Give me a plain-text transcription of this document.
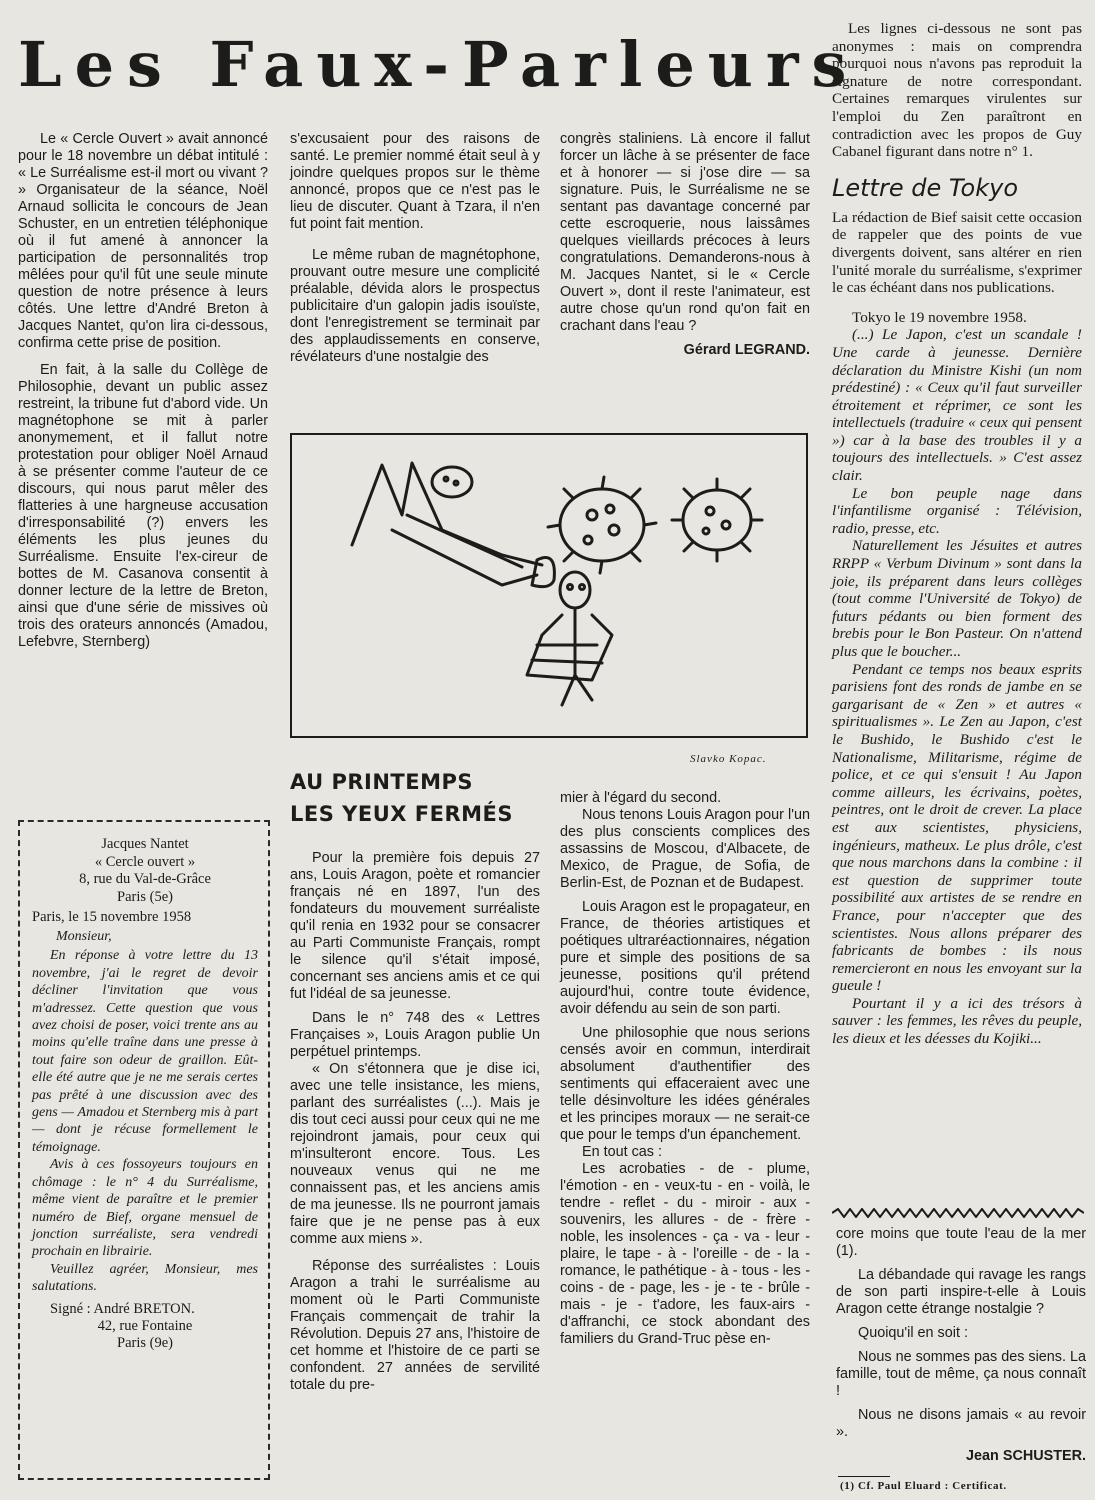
Les Faux-Parleurs

Le « Cercle Ouvert » avait annoncé pour le 18 novembre un débat intitulé : « Le Surréalisme est-il mort ou vivant ? » Organisateur de la séance, Noël Arnaud sollicita le concours de Jean Schuster, en un entretien téléphonique où il fut amené à annoncer la participation de personnalités trop mêlées pour qu'il fût une seule minute question de notre présence à leurs côtés. Une lettre d'André Breton à Jacques Nantet, qu'on lira ci-dessous, confirma cette prise de position.

En fait, à la salle du Collège de Philosophie, devant un public assez restreint, la tribune fut d'abord vide. Un magnétophone se mit à parler anonymement, et il fallut notre protestation pour obliger Noël Arnaud à se présenter comme l'auteur de ce discours, qui nous parut mêler des flatteries à une hargneuse accusation d'irresponsabilité (?) envers les éléments les plus jeunes du Surréalisme. Ensuite l'ex-cireur de bottes de M. Casanova consentit à donner lecture de la lettre de Breton, ainsi que d'une série de missives où trois des orateurs annoncés (Amadou, Lefebvre, Sternberg)

s'excusaient pour des raisons de santé. Le premier nommé était seul à y joindre quelques propos sur le thème annoncé, propos que ce n'est pas le lieu de discuter. Quant à Tzara, il n'en fut point fait mention.

Le même ruban de magnétophone, prouvant outre mesure une complicité préalable, dévida alors le prospectus publicitaire d'un galopin jadis isouïste, dont l'enregistrement se terminait par des applaudissements en conserve, révélateurs d'une nostalgie des

congrès staliniens. Là encore il fallut forcer un lâche à se présenter de face et à honorer — si j'ose dire — sa signature. Puis, le Surréalisme ne se sentant pas davantage concerné par cette escroquerie, nous laissâmes quelques vieillards précoces à leurs congratulations. Demanderons-nous à M. Jacques Nantet, si le « Cercle Ouvert », dont il reste l'animateur, est autre chose qu'un rond qu'on fait en crachant dans l'eau ?

Gérard LEGRAND.
Slavko Kopac.
Les lignes ci-dessous ne sont pas anonymes : mais on comprendra pourquoi nous n'avons pas reproduit la signature de notre correspondant. Certaines remarques virulentes sur l'emploi du Zen paraîtront en contradiction avec les propos de Guy Cabanel figurant dans notre n° 1.
Lettre de Tokyo
La rédaction de Bief saisit cette occasion de rappeler que des points de vue divergents doivent, sans altérer en rien l'unité morale du surréalisme, s'exprimer le cas échéant dans nos publications.
Tokyo le 19 novembre 1958.
(...) Le Japon, c'est un scandale ! Une carde à jeunesse. Dernière déclaration du Ministre Kishi (un nom prédestiné) : « Ceux qu'il faut surveiller étroitement et réprimer, ce sont les intellectuels (traduire « ceux qui pensent ») car à la base des troubles il y a toujours des intellectuels. » C'est assez clair.
Le bon peuple nage dans l'infantilisme organisé : Télévision, radio, presse, etc.
Naturellement les Jésuites et autres RRPP « Verbum Divinum » sont dans la joie, ils préparent dans leurs collèges (tout comme l'Université de Tokyo) de futurs pédants ou bien forment des brebis pour le Bon Pasteur. On n'attend plus que le boucher...
Pendant ce temps nos beaux esprits parisiens font des ronds de jambe en se gargarisant de « Zen » et autres « spiritualismes ». Le Zen au Japon, c'est le Bushido, le Bushido c'est le Nationalisme, Militarisme, régime de police, et ce qui s'ensuit ! Au Japon comme ailleurs, les écrivains, poètes, peintres, ont le droit de crever. La place est aux scientistes, physiciens, ingénieurs, matheux. Le plus drôle, c'est que nous marchons dans la combine : il est question de supprimer toute possibilité aux artistes de se rendre en France, pour n'accepter que des scientistes. Nous allons préparer des fabricants de bombes : ils nous remercieront en nous les envoyant sur la gueule !
Pourtant il y a ici des trésors à sauver : les femmes, les rêves du peuple, les dieux et les déesses du Kojiki...

core moins que toute l'eau de la mer (1).

La débandade qui ravage les rangs de son parti inspire-t-elle à Louis Aragon cette étrange nostalgie ?

Quoiqu'il en soit :

Nous ne sommes pas des siens. La famille, tout de même, ça nous connaît !

Nous ne disons jamais « au revoir ».

Jean SCHUSTER.
(1) Cf. Paul Eluard : Certificat.
Jacques Nantet
« Cercle ouvert »
8, rue du Val-de-Grâce
Paris (5e)
Paris, le 15 novembre 1958
Monsieur,

En réponse à votre lettre du 13 novembre, j'ai le regret de devoir décliner l'invitation que vous m'adressez. Cette question que vous avez choisi de poser, voici trente ans au moins qu'elle traîne dans une presse à tout faire son odeur de graillon. Eût-elle été autre que je ne me serais certes pas prêté à une discussion avec des gens — Amadou et Sternberg mis à part — dont je récuse formellement le témoignage.

Avis à ces fossoyeurs toujours en chômage : le n° 4 du Surréalisme, même vient de paraître et le premier numéro de Bief, organe mensuel de jonction surréaliste, sera vendredi prochain en librairie.

Veuillez agréer, Monsieur, mes salutations.

Signé : André BRETON.
42, rue Fontaine
Paris (9e)
AU PRINTEMPS
LES YEUX FERMÉS

Pour la première fois depuis 27 ans, Louis Aragon, poète et romancier français né en 1897, l'un des fondateurs du mouvement surréaliste qu'il renia en 1932 pour se consacrer au Parti Communiste Français, rompt le silence qu'il s'était imposé, concernant ses anciens amis et ce qui fut l'idéal de sa jeunesse.

Dans le n° 748 des « Lettres Françaises », Louis Aragon publie Un perpétuel printemps.

« On s'étonnera que je dise ici, avec une telle insistance, les miens, parlant des surréalistes (...). Mais je dis tout ceci aussi pour ceux qui ne me rejoindront jamais, pour ceux qui m'insulteront encore. Tous. Les nouveaux venus qui ne me connaissent pas, et les anciens amis de ma jeunesse. Ils ne pourront jamais faire que je ne pense pas à eux comme aux miens ».

Réponse des surréalistes : Louis Aragon a trahi le surréalisme au moment où le Parti Communiste Français commençait de trahir la Révolution. Depuis 27 ans, l'histoire de cet homme et l'histoire de ce parti se confondent. 27 années de servilité totale du pre-

mier à l'égard du second.

Nous tenons Louis Aragon pour l'un des plus conscients complices des assassins de Moscou, d'Albacete, de Mexico, de Prague, de Sofia, de Berlin-Est, de Poznan et de Budapest.

Louis Aragon est le propagateur, en France, de théories artistiques et poétiques ultraréactionnaires, négation pure et simple des positions de sa jeunesse, positions qu'il prétend aujourd'hui, contre toute évidence, avoir défendu au sein de son parti.

Une philosophie que nous serions censés avoir en commun, interdirait absolument d'authentifier des sentiments qui effaceraient avec une telle désinvolture les idées générales et les principes moraux — ne serait-ce que pour le temps d'un épanchement.

En tout cas :

Les acrobaties - de - plume, l'émotion - en - veux-tu - en - voilà, le tendre - reflet - du - miroir - aux - souvenirs, les allures - de - frère - noble, les insolences - ça - va - leur - plaire, le tape - à - l'oreille - de - la - romance, le pathétique - à - tous - les - coins - de - page, les - je - te - brûle - mais - je - t'adore, les faux-airs - d'affranchi, ce stock abondant des familiers du Grand-Truc pèse en-
